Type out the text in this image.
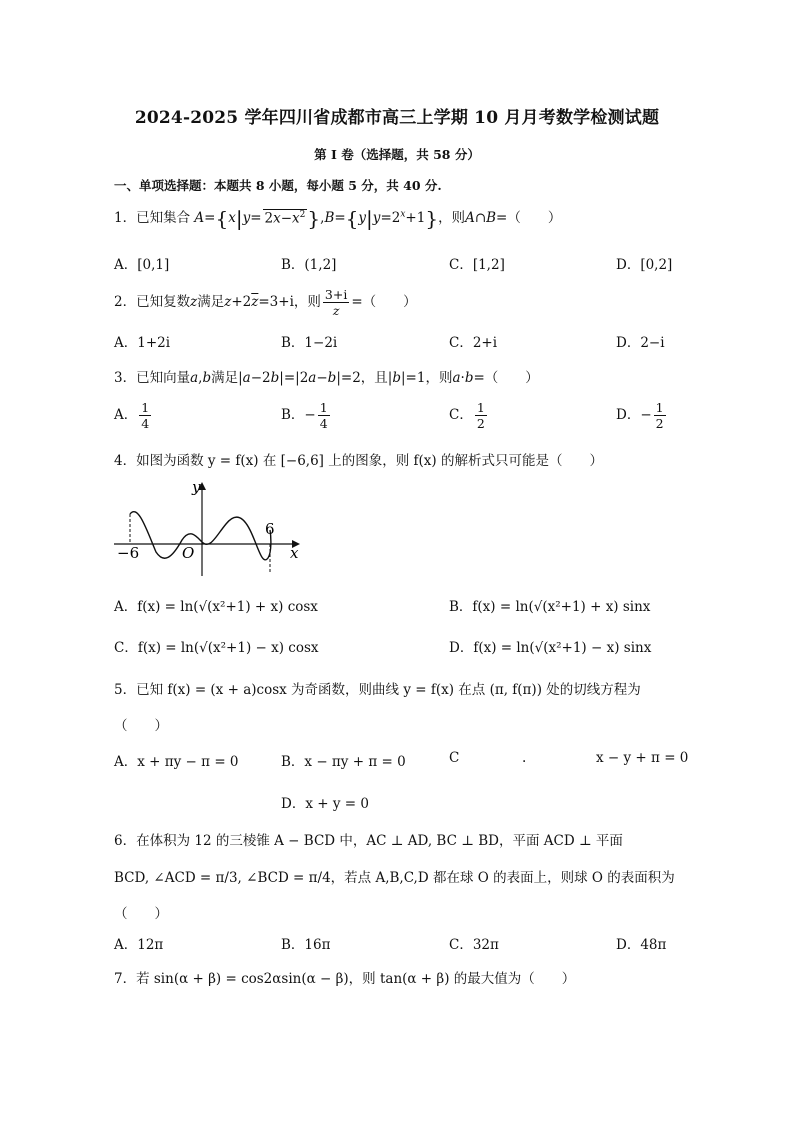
2024-2025 学年四川省成都市高三上学期 10 月月考数学检测试题
第 I 卷（选择题，共 58 分）
一、单项选择题：本题共 8 小题，每小题 5 分，共 40 分.
1．已知集合 $A=\{x|y= 2x-x^2$ }$,B=\{y|y=2^x+1\}$，则A∩B=（　　）
A．[0,1]	B．(1,2]	C．[1,2]	D．[0,2]
2．已知复数z满足$z+2\overline{z}=3+i$，则 $\frac{3+i}{z}$ =（　　）
A．1+2i	B．1−2i	C．2+i	D．2−i
3．已知向量a,b满足|a−2b|=|2a−b|=2，且|b|=1，则a·b=（　　）
A． $\frac{1}{4}$	B．− $\frac{1}{4}$	C． $\frac{1}{2}$	D．− $\frac{1}{2}$
4．如图为函数 y = f(x) 在 [−6,6] 上的图象，则 f(x) 的解析式只可能是（　　）
y
x
O
−6
6
A．f(x) = ln(√(x²+1) + x) cosx	B．f(x) = ln(√(x²+1) + x) sinx
C．f(x) = ln(√(x²+1) − x) cosx	D．f(x) = ln(√(x²+1) − x) sinx
5．已知 f(x) = (x + a)cosx 为奇函数，则曲线 y = f(x) 在点 (π, f(π)) 处的切线方程为
（　　）
A．x + πy − π = 0	B．x − πy + π = 0	C	.	x − y + π = 0
D．x + y = 0
6．在体积为 12 的三棱锥 A − BCD 中，AC ⊥ AD, BC ⊥ BD，平面 ACD ⊥ 平面
BCD, ∠ACD = π/3, ∠BCD = π/4，若点 A,B,C,D 都在球 O 的表面上，则球 O 的表面积为
（　　）
A．12π	B．16π	C．32π	D．48π
7．若 sin(α + β) = cos2αsin(α − β)，则 tan(α + β) 的最大值为（　　）
